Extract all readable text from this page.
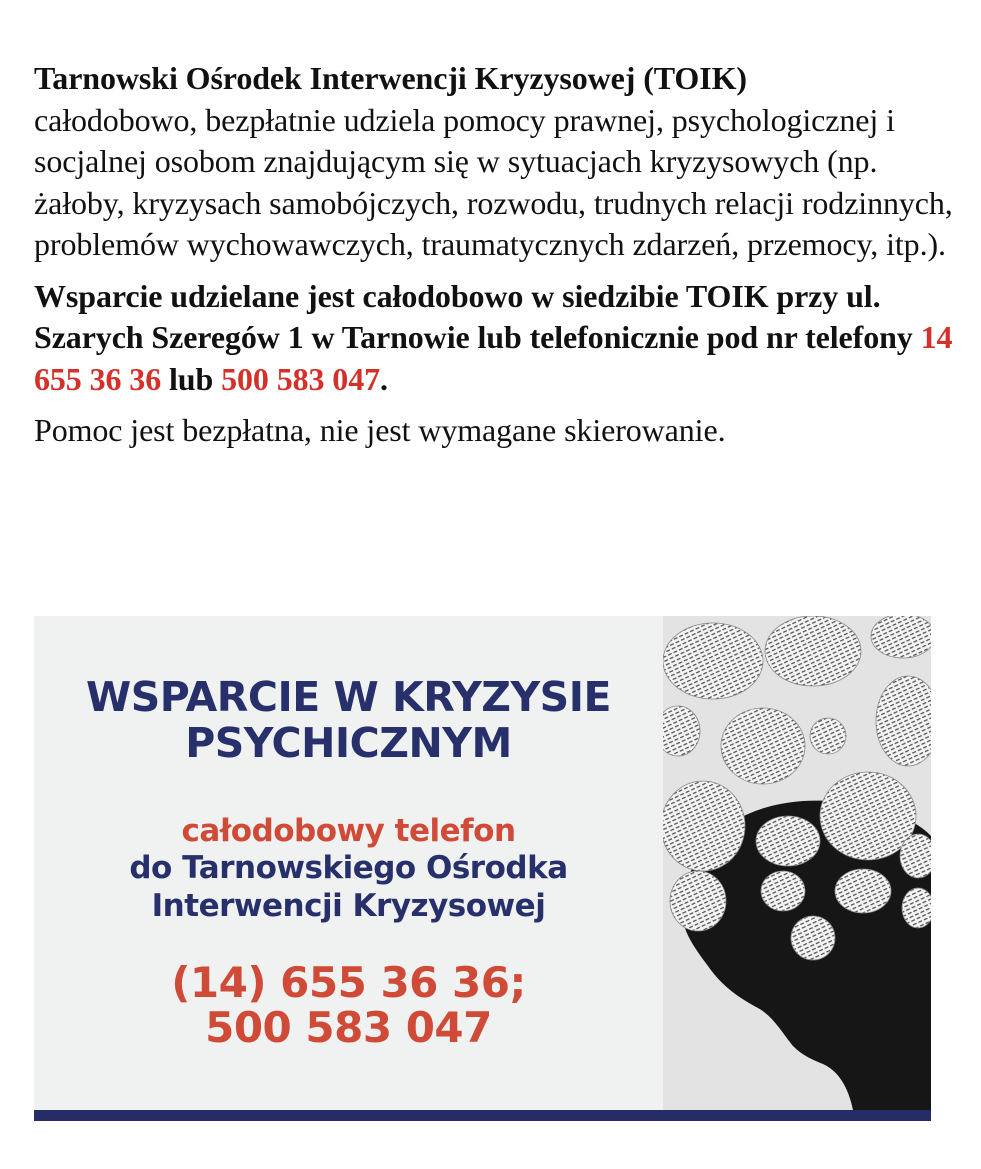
Tarnowski Ośrodek Interwencji Kryzysowej (TOIK)
całodobowo, bezpłatnie udziela pomocy prawnej, psychologicznej i socjalnej osobom znajdującym się w sytuacjach kryzysowych (np. żałoby, kryzysach samobójczych, rozwodu, trudnych relacji rodzinnych, problemów wychowawczych, traumatycznych zdarzeń, przemocy, itp.).

Wsparcie udzielane jest całodobowo w siedzibie TOIK przy ul. Szarych Szeregów 1 w Tarnowie lub telefonicznie pod nr telefony 14 655 36 36 lub 500 583 047.

Pomoc jest bezpłatna, nie jest wymagane skierowanie.

WSPARCIE W KRYZYSIE
PSYCHICZNYM
całodobowy telefon
do Tarnowskiego Ośrodka
Interwencji Kryzysowej
(14) 655 36 36;
500 583 047
